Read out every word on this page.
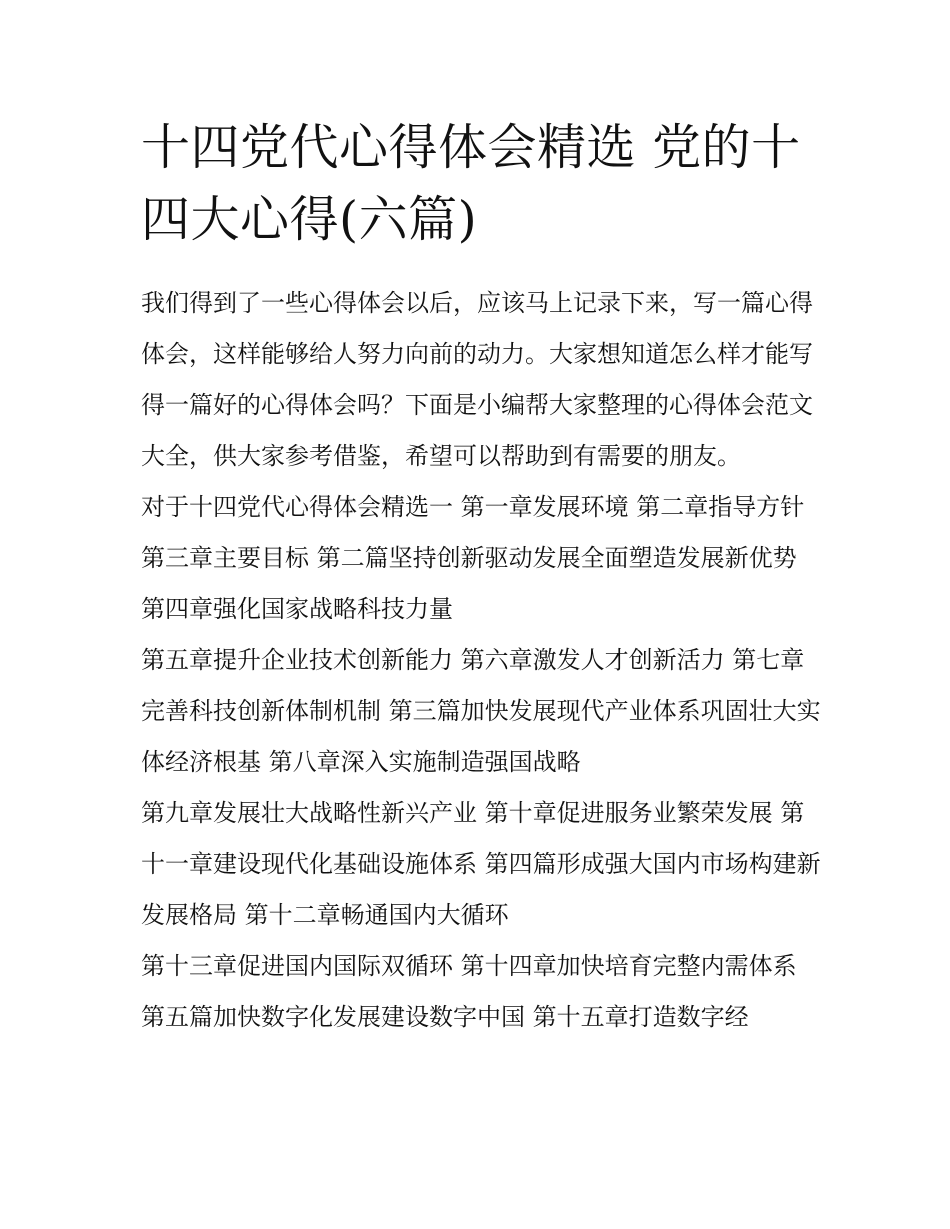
十四党代心得体会精选 党的十四大心得(六篇)

我们得到了一些心得体会以后，应该马上记录下来，写一篇心得体会，这样能够给人努力向前的动力。大家想知道怎么样才能写得一篇好的心得体会吗？下面是小编帮大家整理的心得体会范文大全，供大家参考借鉴，希望可以帮助到有需要的朋友。

对于十四党代心得体会精选一 第一章发展环境 第二章指导方针 第三章主要目标 第二篇坚持创新驱动发展全面塑造发展新优势 第四章强化国家战略科技力量

第五章提升企业技术创新能力 第六章激发人才创新活力 第七章完善科技创新体制机制 第三篇加快发展现代产业体系巩固壮大实体经济根基 第八章深入实施制造强国战略

第九章发展壮大战略性新兴产业 第十章促进服务业繁荣发展 第十一章建设现代化基础设施体系 第四篇形成强大国内市场构建新发展格局 第十二章畅通国内大循环

第十三章促进国内国际双循环 第十四章加快培育完整内需体系 第五篇加快数字化发展建设数字中国 第十五章打造数字经
